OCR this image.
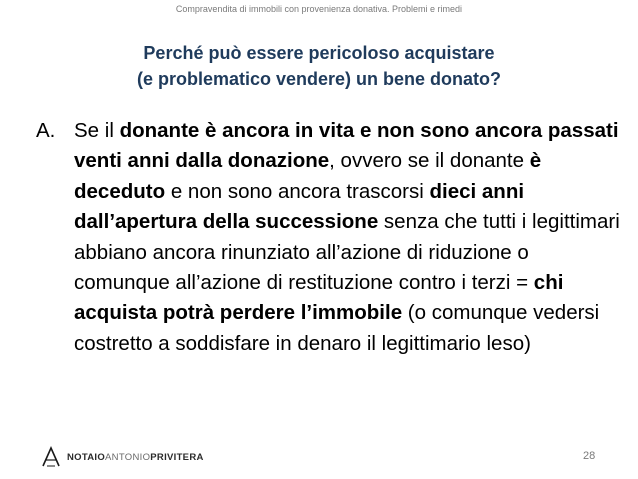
Compravendita di immobili con provenienza donativa. Problemi e rimedi
Perché può essere pericoloso acquistare
(e problematico vendere) un bene donato?
A. Se il donante è ancora in vita e non sono ancora passati venti anni dalla donazione, ovvero se il donante è deceduto e non sono ancora trascorsi dieci anni dall’apertura della successione senza che tutti i legittimari abbiano ancora rinunziato all’azione di riduzione o comunque all’azione di restituzione contro i terzi = chi acquista potrà perdere l’immobile (o comunque vedersi costretto a soddisfare in denaro il legittimario leso)
NOTAIOANTONIOPRIVITERA	28
